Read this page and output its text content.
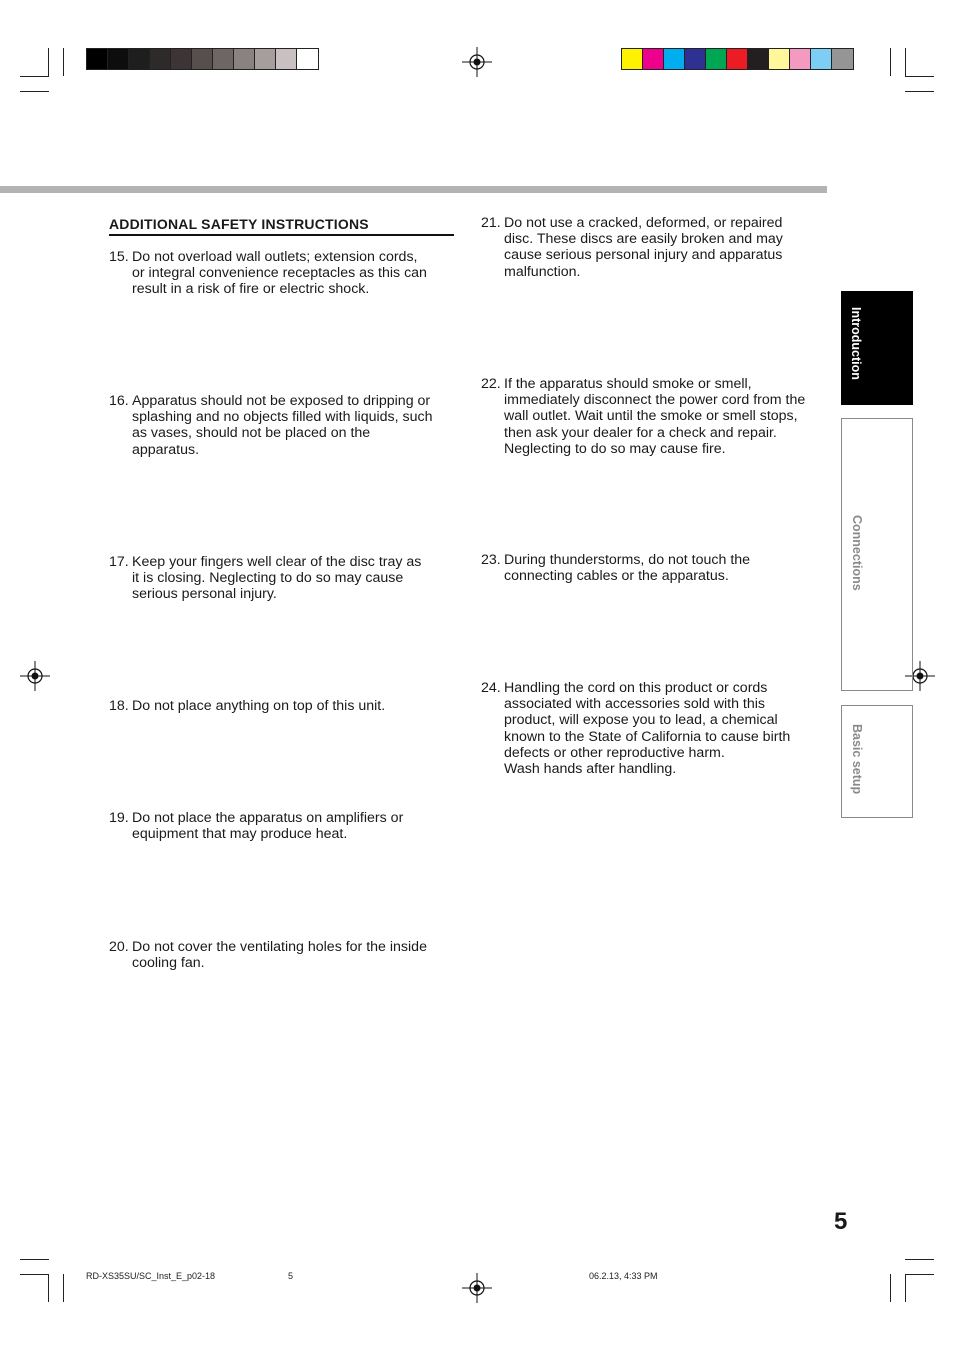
ADDITIONAL SAFETY INSTRUCTIONS
15. Do not overload wall outlets; extension cords,
or integral convenience receptacles as this can
result in a risk of fire or electric shock.
16. Apparatus should not be exposed to dripping or
splashing and no objects filled with liquids, such
as vases, should not be placed on the
apparatus.
17. Keep your fingers well clear of the disc tray as
it is closing. Neglecting to do so may cause
serious personal injury.
18. Do not place anything on top of this unit.
19. Do not place the apparatus on amplifiers or
equipment that may produce heat.
20. Do not cover the ventilating holes for the inside
cooling fan.
21. Do not use a cracked, deformed, or repaired
disc. These discs are easily broken and may
cause serious personal injury and apparatus
malfunction.
22. If the apparatus should smoke or smell,
immediately disconnect the power cord from the
wall outlet. Wait until the smoke or smell stops,
then ask your dealer for a check and repair.
Neglecting to do so may cause fire.
23. During thunderstorms, do not touch the
connecting cables or the apparatus.
24. Handling the cord on this product or cords
associated with accessories sold with this
product, will expose you to lead, a chemical
known to the State of California to cause birth
defects or other reproductive harm.
Wash hands after handling.
Introduction
Connections
Basic setup
5
RD-XS35SU/SC_Inst_E_p02-18	5	06.2.13, 4:33 PM
